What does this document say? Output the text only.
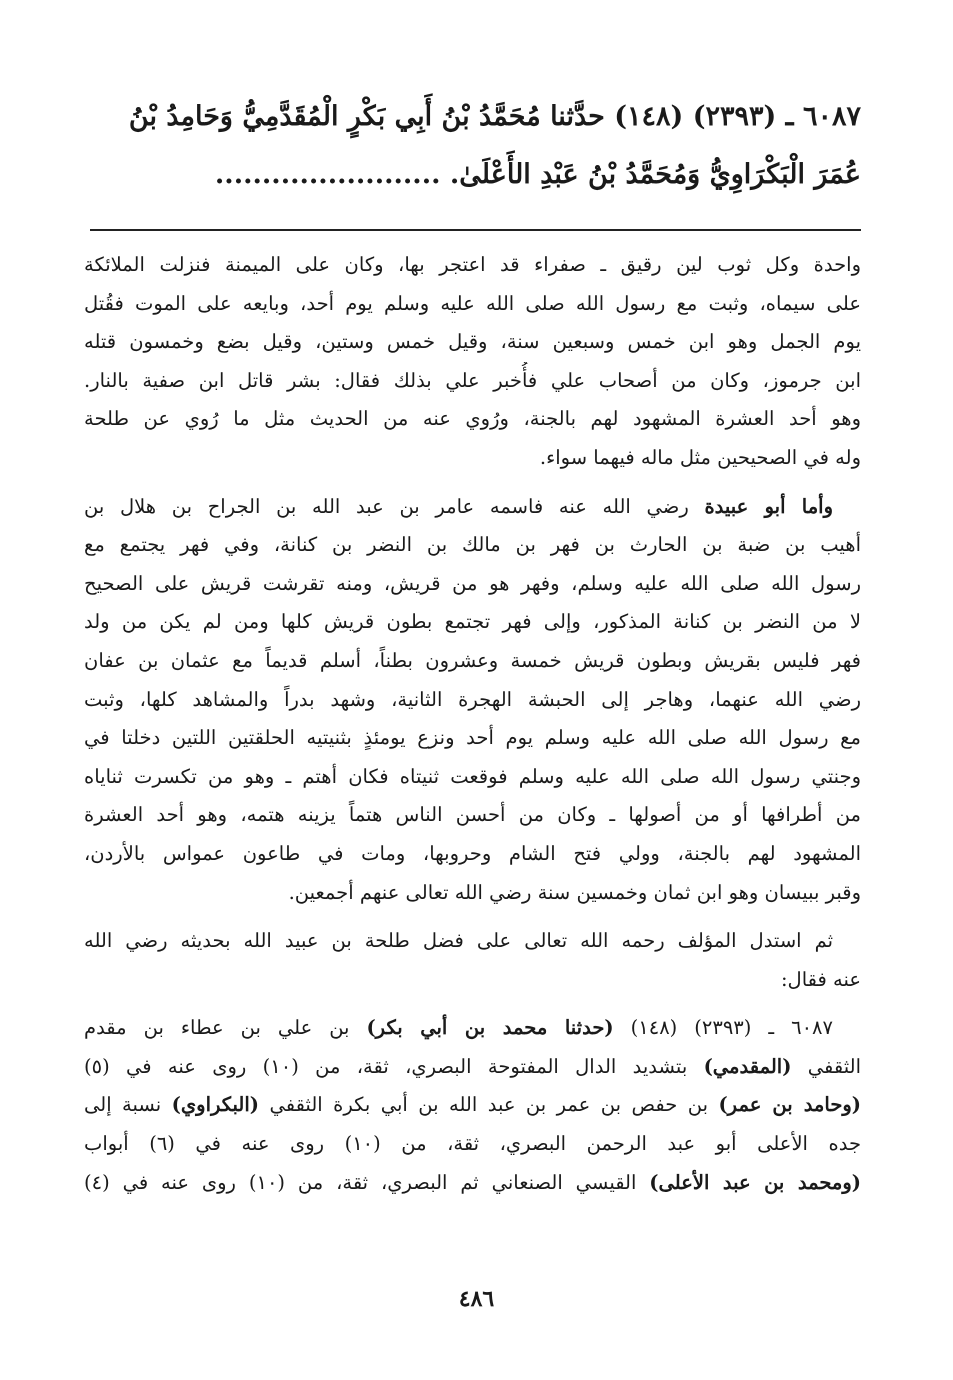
٦٠٨٧ ـ (٢٣٩٣) (١٤٨) حدَّثنا مُحَمَّدُ بْنُ أَبِي بَكْرٍ الْمُقَدَّمِيُّ وَحَامِدُ بْنُ
عُمَرَ الْبَكْرَاوِيُّ وَمُحَمَّدُ بْنُ عَبْدِ الأَعْلَىٰ. ........................
واحدة وكل ثوب لين رقيق ـ صفراء قد اعتجر بها، وكان على الميمنة فنزلت الملائكة
على سيماه، وثبت مع رسول الله صلى الله عليه وسلم يوم أحد، وبايعه على الموت فقُتل
يوم الجمل وهو ابن خمس وسبعين سنة، وقيل خمس وستين، وقيل بضع وخمسون قتله
ابن جرموز، وكان من أصحاب علي فأُخبر علي بذلك فقال: بشر قاتل ابن صفية بالنار.
وهو أحد العشرة المشهود لهم بالجنة، ورُوي عنه من الحديث مثل ما رُوي عن طلحة
وله في الصحيحين مثل ماله فيهما سواء.
وأما أبو عبيدة رضي الله عنه فاسمه عامر بن عبد الله بن الجراح بن هلال بن
أهيب بن ضبة بن الحارث بن فهر بن مالك بن النضر بن كنانة، وفي فهر يجتمع مع
رسول الله صلى الله عليه وسلم، وفهر هو من قريش، ومنه تقرشت قريش على الصحيح
لا من النضر بن كنانة المذكور، وإلى فهر تجتمع بطون قريش كلها ومن لم يكن من ولد
فهر فليس بقريش وبطون قريش خمسة وعشرون بطناً، أسلم قديماً مع عثمان بن عفان
رضي الله عنهما، وهاجر إلى الحبشة الهجرة الثانية، وشهد بدراً والمشاهد كلها، وثبت
مع رسول الله صلى الله عليه وسلم يوم أحد ونزع يومئذٍ بثنيتيه الحلقتين اللتين دخلتا في
وجنتي رسول الله صلى الله عليه وسلم فوقعت ثنيتاه فكان أهتم ـ وهو من تكسرت ثناياه
من أطرافها أو من أصولها ـ وكان من أحسن الناس هتماً يزينه هتمه، وهو أحد العشرة
المشهود لهم بالجنة، وولي فتح الشام وحروبها، ومات في طاعون عمواس بالأردن،
وقبر ببيسان وهو ابن ثمان وخمسين سنة رضي الله تعالى عنهم أجمعين.
ثم استدل المؤلف رحمه الله تعالى على فضل طلحة بن عبيد الله بحديثه رضي الله
عنه فقال:
٦٠٨٧ ـ (٢٣٩٣) (١٤٨) (حدثنا محمد بن أبي بكر) بن علي بن عطاء بن مقدم
الثقفي (المقدمي) بتشديد الدال المفتوحة البصري، ثقة، من (١٠) روى عنه في (٥)
(وحامد بن عمر) بن حفص بن عمر بن عبد الله بن أبي بكرة الثقفي (البكراوي) نسبة إلى
جده الأعلى أبو عبد الرحمن البصري، ثقة، من (١٠) روى عنه في (٦) أبواب
(ومحمد بن عبد الأعلى) القيسي الصنعاني ثم البصري، ثقة، من (١٠) روى عنه في (٤)
٤٨٦
